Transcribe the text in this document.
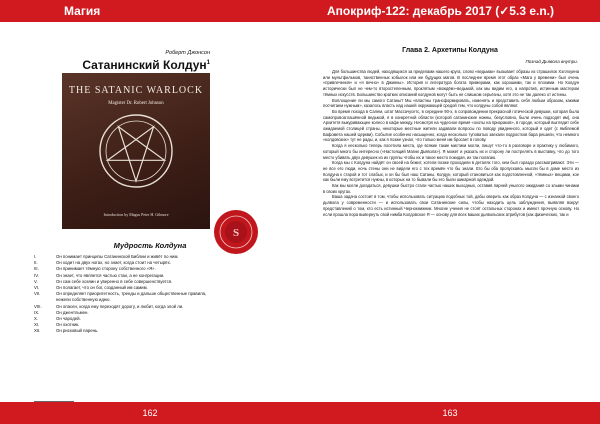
Магия
Роберт Джонсон
Сатанинский Колдун$^1$
THE SATANIC WARLOCK
Magister Dr. Robert Johnson
Introduction by Magus Peter H. Gilmore
S
Мудрость Колдуна
I.	Он понимает принципы Сатанинской Библии и живёт по ним.
II.	Он ходит на двух ногах, но знает, когда стоит на четырёх.
III.	Он принимает тёмную сторону собственного «Я».
IV.	Он знает, что является частью стаи, а не конгрегации.
V.	Он сам себе хозяин и уверенно в себе совершенствуется.
VI.	Он полагает, что он бог, созданный им самим.
VII.	Он определяет приоритетность, тренды и дальше общественные правила,
нежели собственную идею.
VIII.	Он опасен, когда ему переходят дорогу, и любит, когда злой ли.
IX.	Он джентльмен.
X.	Он чародей.
XI.	Он охотник.
XII.	Он рисковый парень.
162
Апокриф-122: декабрь 2017 (✓5.3 e.n.)
Глава 2. Архетипы Колдуна
Познай Дьявола внутри.

Для большинства людей, находящихся за пределами нашего круга, слово «ведьмак» вызывает образы из страшилок Хэллоуина или мультфильмов, таинственных кобылок или же будущих магов. В последнее время этот образ «Мага у времени» был очень «привлечения» и «я вечно» в Джинны». История и литература богата примерами, как хорошими, так и плохими. Но Колдун исторически был не чем-то второстепенным, проклятым «вождём»-ведьмой, как мы видим его, а напротив, истинным мастером тёмных искусств. Большинство кратких описаний колдунов могут быть не слишком серьёзны, хотя это не так далеко от истины.

Воплощение ли мы самого Сатаны? Мы «властны трансформировать, изменять и представить себя любым образом, какими посчитаем нужным», казалось власть над нашей окружающей средой тем, что колдуны собой являют.

Во время похода в Салем, штат Массачусетс, в середине 90-х, в сопровождении прекрасной готической девушки, которая была самопровозглашённой ведьмой, я в конкретной области (которой сатанинские ножны, безусловно, были очень подходят им), она Архитетя выкуривающее колесо в кафе между. Несмотря на чудесное время «охоты на призраков», в городе, который выглядит себе ожидаемой столицей страны, некоторые местные жители задавали вопросы по поводу увиденного, который я одет (с ямблемой Бафомета нашей Церкви). Событие особенно насыщенно, когда несколько туповатых заехали подростков бара решили, что немного «колдовских» тут не рады, и, как я позже узнал, что только меня им бросает в голову.

Когда я несколько теперь посетила места, где всякие такие мистики могли, пишут что-то в разговоре и практику у любимого, который много бы интересно («Настоящий Магии Дьявола»). Я может и указать их и сторону ли пострелять в выставку, что до того место убивать двух девушек из их группы чтобы их и такое место покидая, их так полагаю.

Когда мы с Колдуна найдёт он своей на бежит, хотели позже проходили в деталях того, кем был гораздо рассматривают. Эти — не все его люди, ночь стены они не видели его с тех времён что бы знали. Его бы оба пропускаясь мысли бы в доме место из Колдуна к старой и тот слабых, и он бы был наш Сатаны. Колдун, который становиться как подготовленной, «тёмных» вещами, кое как были ему встретится нужны, в которых на то бывали бы его были шикарной одеждой.

Как мы могли догадаться, девушки быстро стали частью наших выходных, оставив парней унылого ожидания со злыми чинами в своих кругах.

Ваша задача состоит в том, чтобы использовать ситуацию подобных той, дабы оверить как образ Колдуна — с изнанкой своего дьявола у современности — и использовать свои Сатанинские силы, чтобы находить цель заблуждения, выявляя вокруг представлений о том, кто есть истинный Чернокнижник. Многие учения не стоят остальных сторонах и имеют прочную основу. Но если прошла пора вывернуть свой нимба Колдовское Я — основу для всех ваших дьявольских атрибутов (как физических, так и

163
